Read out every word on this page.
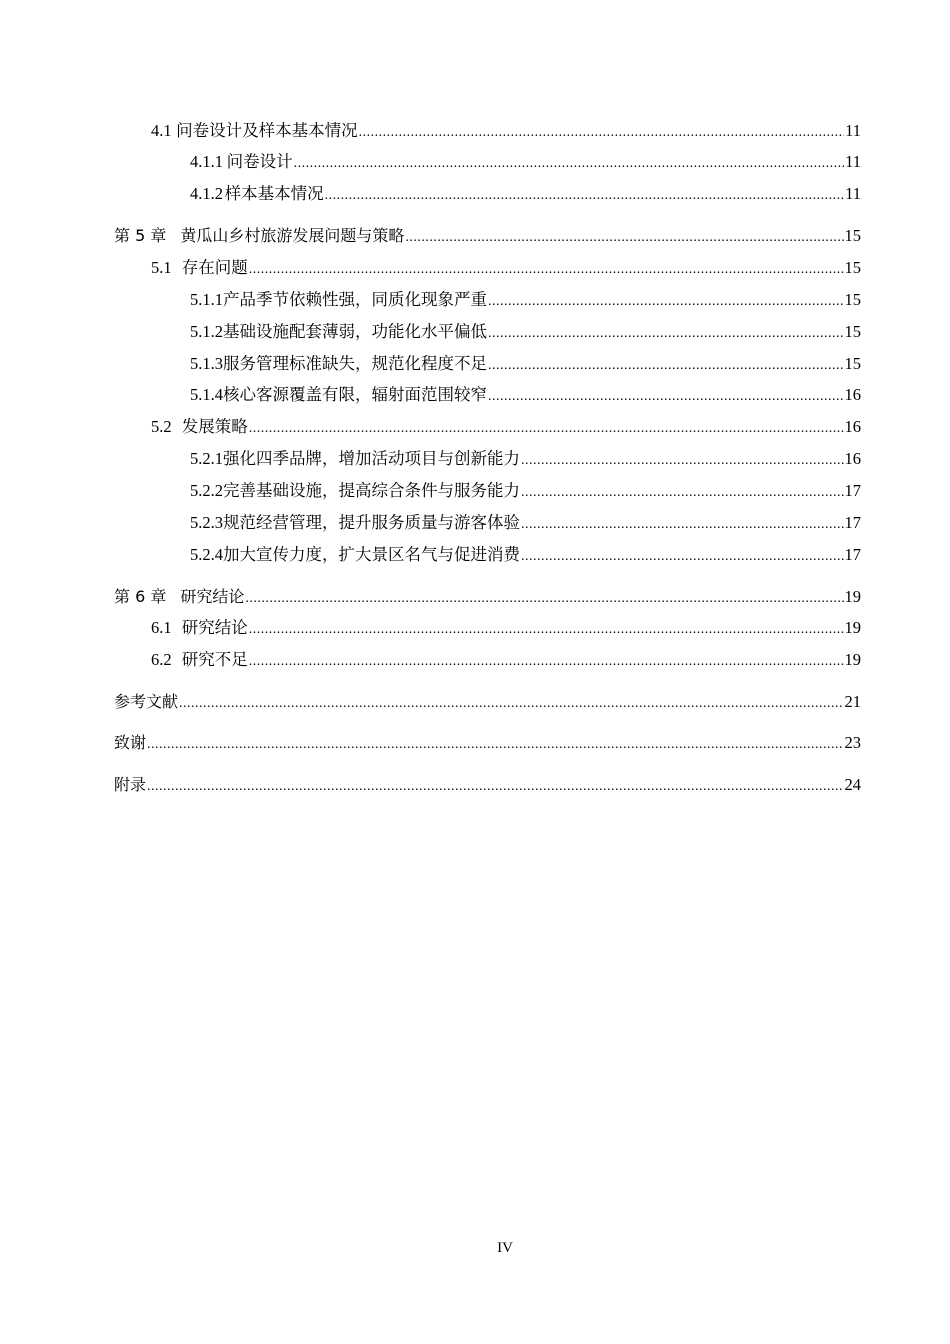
4.1 问卷设计及样本基本情况 .....	11
4.1.1 问卷设计 .....	11
4.1.2 样本基本情况 .....	11
第 5 章 黄瓜山乡村旅游发展问题与策略 .....	15
5.1 存在问题 .....	15
5.1.1 产品季节依赖性强，同质化现象严重 .....	15
5.1.2 基础设施配套薄弱，功能化水平偏低 .....	15
5.1.3 服务管理标准缺失，规范化程度不足 .....	15
5.1.4 核心客源覆盖有限，辐射面范围较窄 .....	16
5.2 发展策略 .....	16
5.2.1 强化四季品牌，增加活动项目与创新能力 .....	16
5.2.2 完善基础设施，提高综合条件与服务能力 .....	17
5.2.3 规范经营管理，提升服务质量与游客体验 .....	17
5.2.4 加大宣传力度，扩大景区名气与促进消费 .....	17
第 6 章 研究结论 .....	19
6.1 研究结论 .....	19
6.2 研究不足 .....	19
参考文献 .....	21
致谢 .....	23
附录 .....	24
IV
